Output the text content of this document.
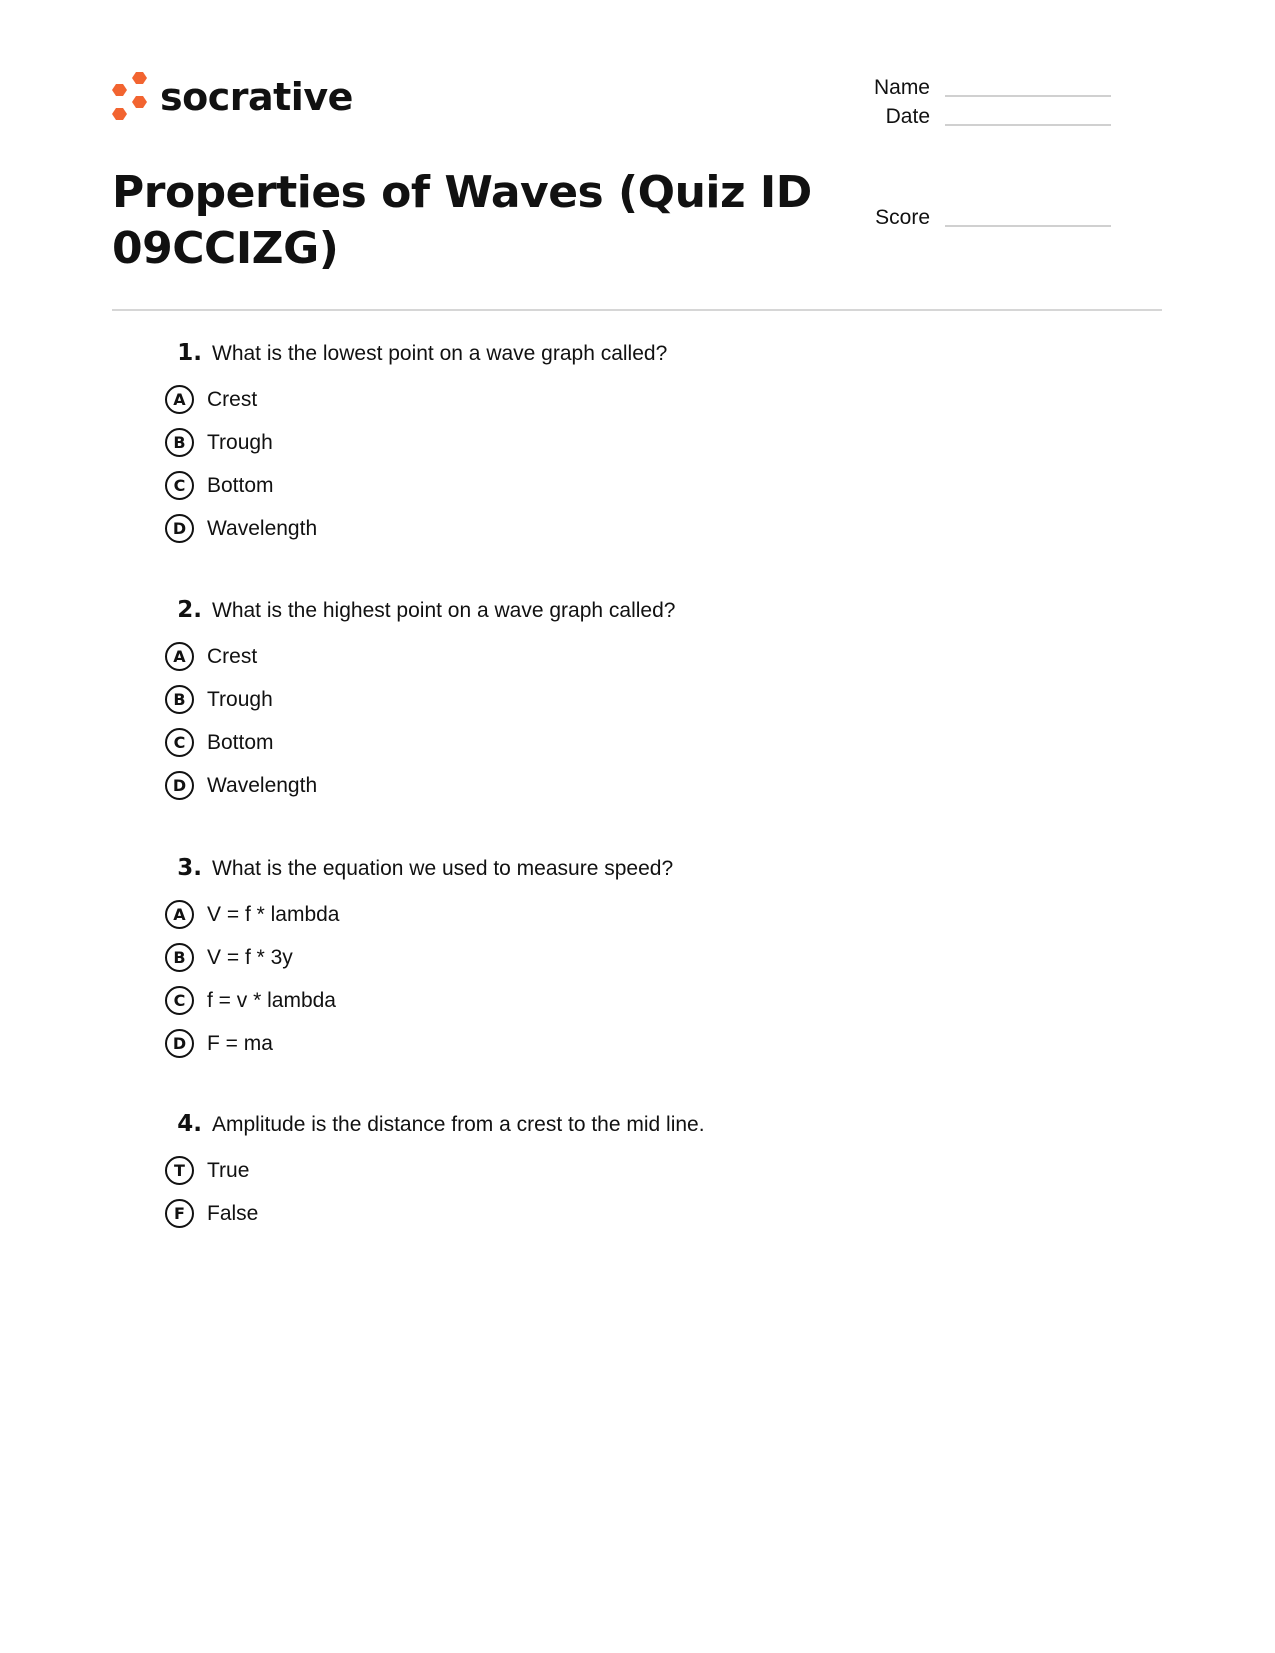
socrative
Properties of Waves (Quiz ID 09CCIZG)
Name
Date
Score
1. What is the lowest point on a wave graph called?
A	Crest
B	Trough
C	Bottom
D Wavelength
2. What is the highest point on a wave graph called?
A	Crest
B	Trough
C	Bottom
D Wavelength
3. What is the equation we used to measure speed?
A	V = f * lambda
B	V = f * 3y
C	f = v * lambda
D F = ma
4. Amplitude is the distance from a crest to the mid line.
T	True
F	False
